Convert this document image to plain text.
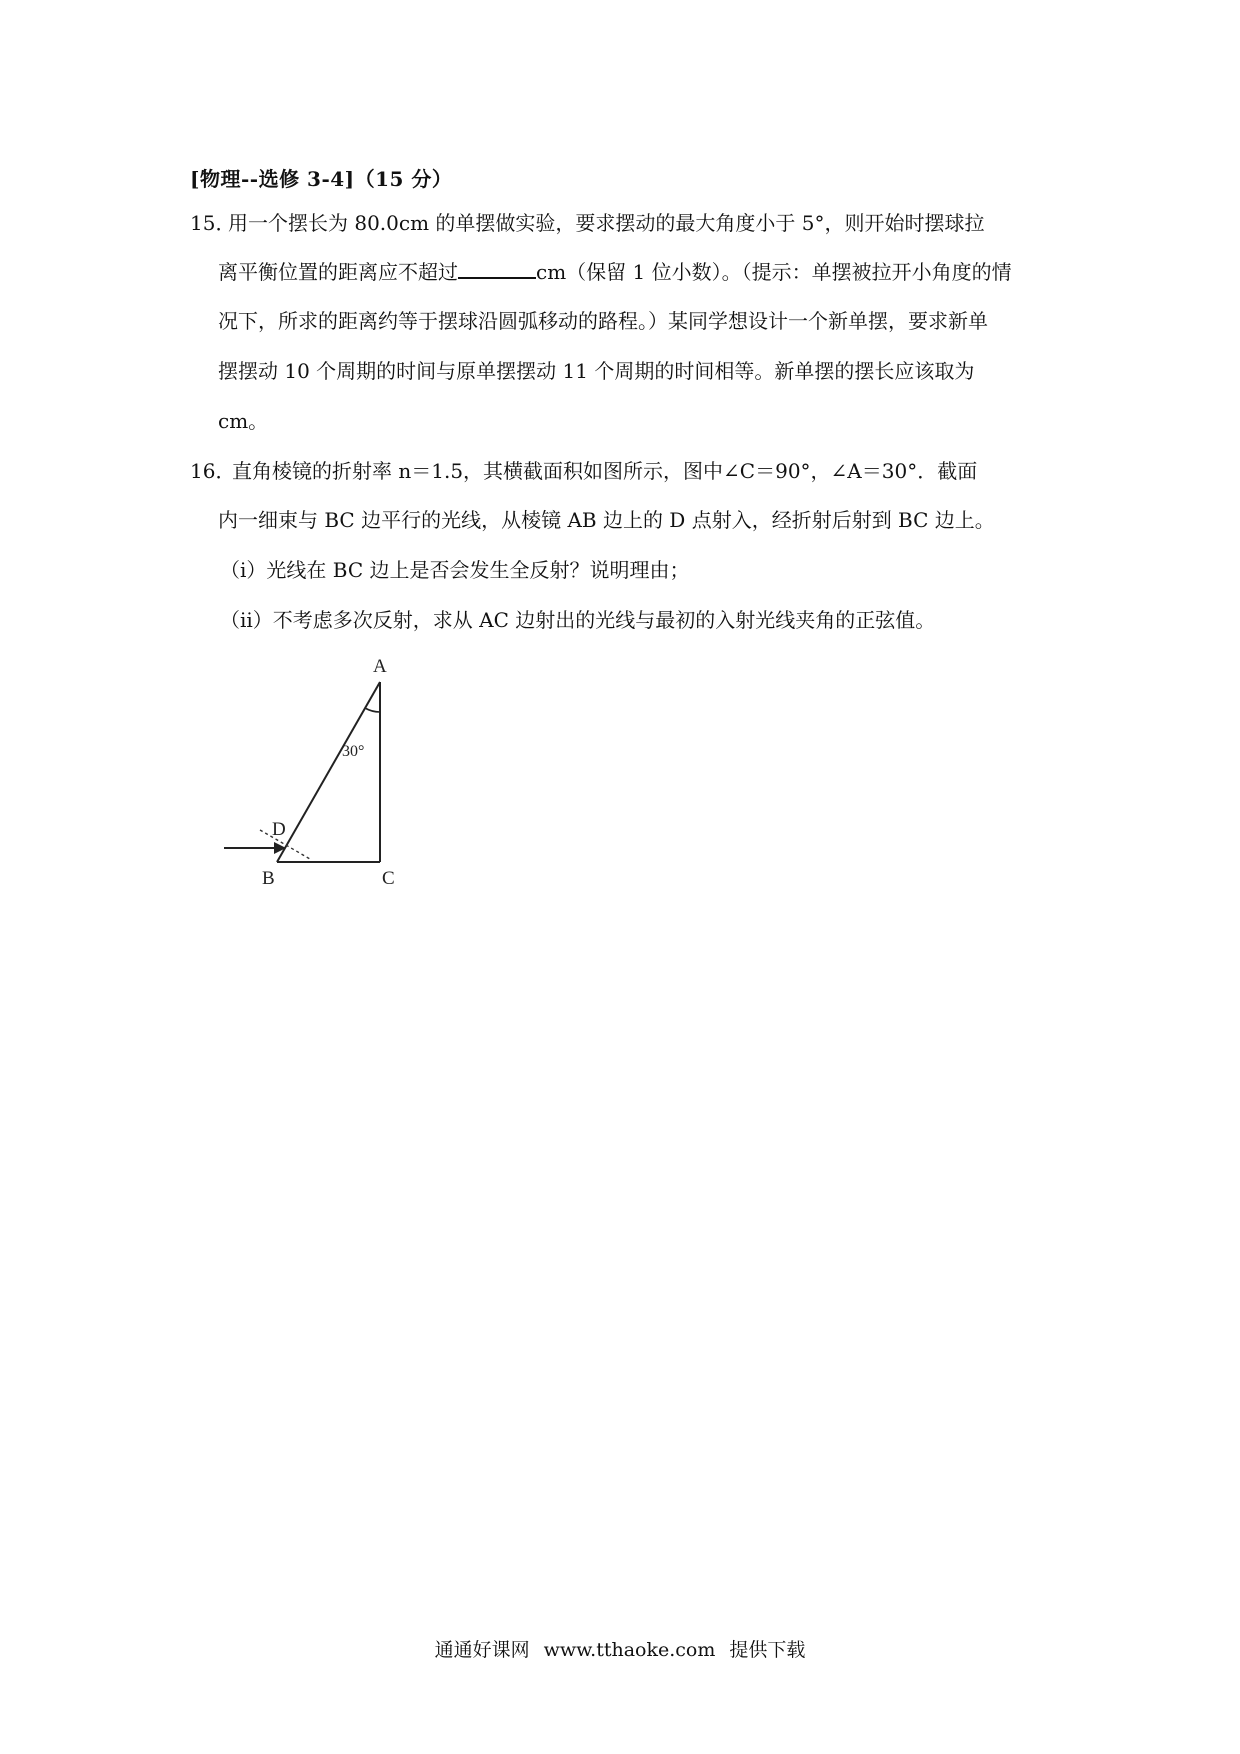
[物理--选修 3-4]（15 分）
15．
用一个摆长为 80.0cm 的单摆做实验，要求摆动的最大角度小于 5°，则开始时摆球拉
离平衡位置的距离应不超过	cm（保留 1 位小数）。（提示：单摆被拉开小角度的情
况下，所求的距离约等于摆球沿圆弧移动的路程。）某同学想设计一个新单摆，要求新单
摆摆动 10 个周期的时间与原单摆摆动 11 个周期的时间相等。新单摆的摆长应该取为
cm。
16．
直角棱镜的折射率 n＝1.5，其横截面积如图所示，图中∠C＝90°，∠A＝30°．截面
内一细束与 BC 边平行的光线，从棱镜 AB 边上的 D 点射入，经折射后射到 BC 边上。
（i）光线在 BC 边上是否会发生全反射？说明理由；
（ii）不考虑多次反射，求从 AC 边射出的光线与最初的入射光线夹角的正弦值。
A
B	C
D
30°
通通好课网 www.tthaoke.com 提供下载
